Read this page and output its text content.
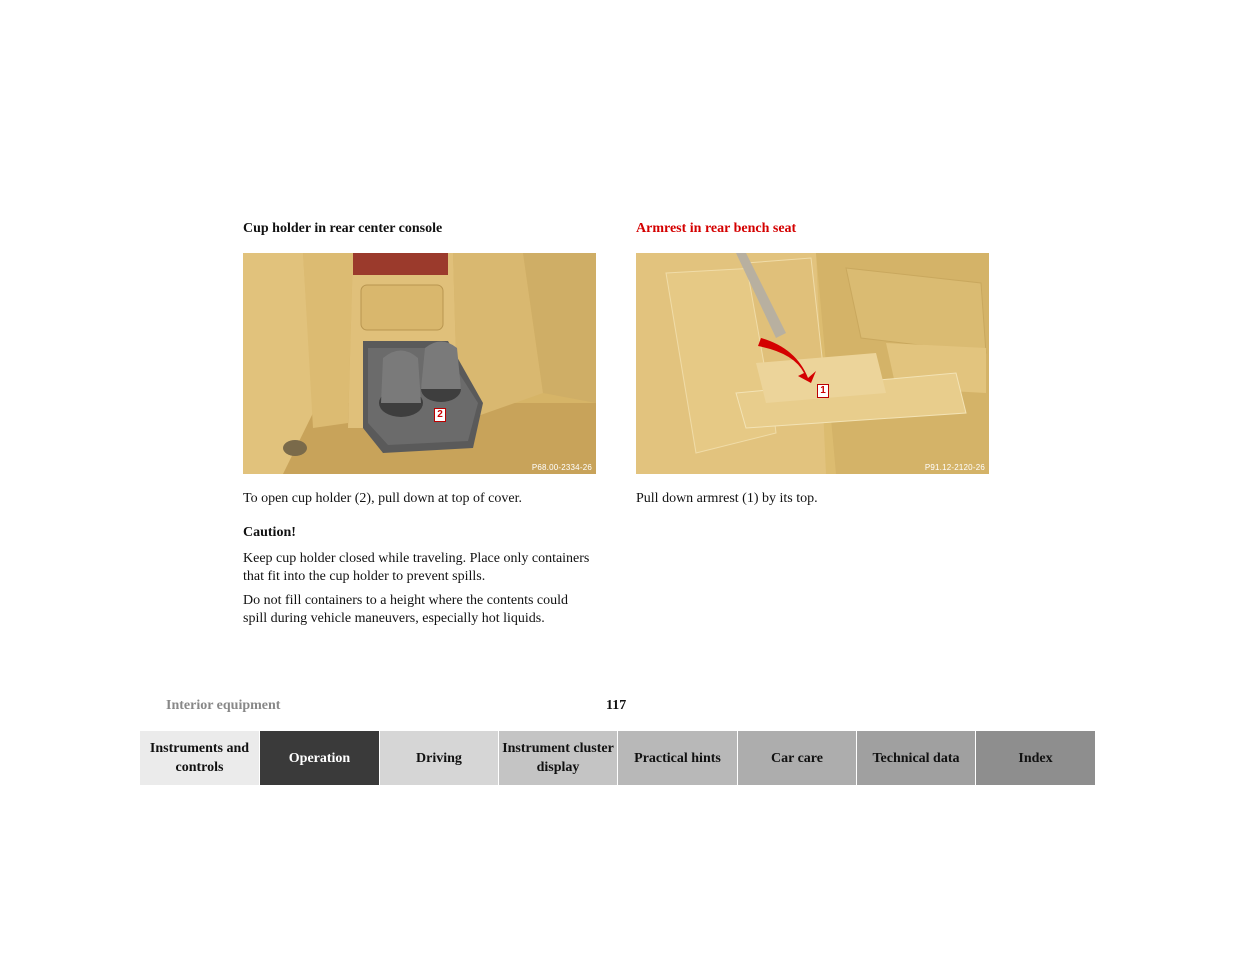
Cup holder in rear center console
2
P68.00-2334-26

To open cup holder (2), pull down at top of cover.

Caution!

Keep cup holder closed while traveling. Place only containers that fit into the cup holder to prevent spills.

Do not fill containers to a height where the contents could spill during vehicle maneuvers, especially hot liquids.

Armrest in rear bench seat
1
P91.12-2120-26

Pull down armrest (1) by its top.

Interior equipment	117
Instruments and controls
Operation	Driving
Instrument cluster display
Practical hints	Car care	Technical data	Index
